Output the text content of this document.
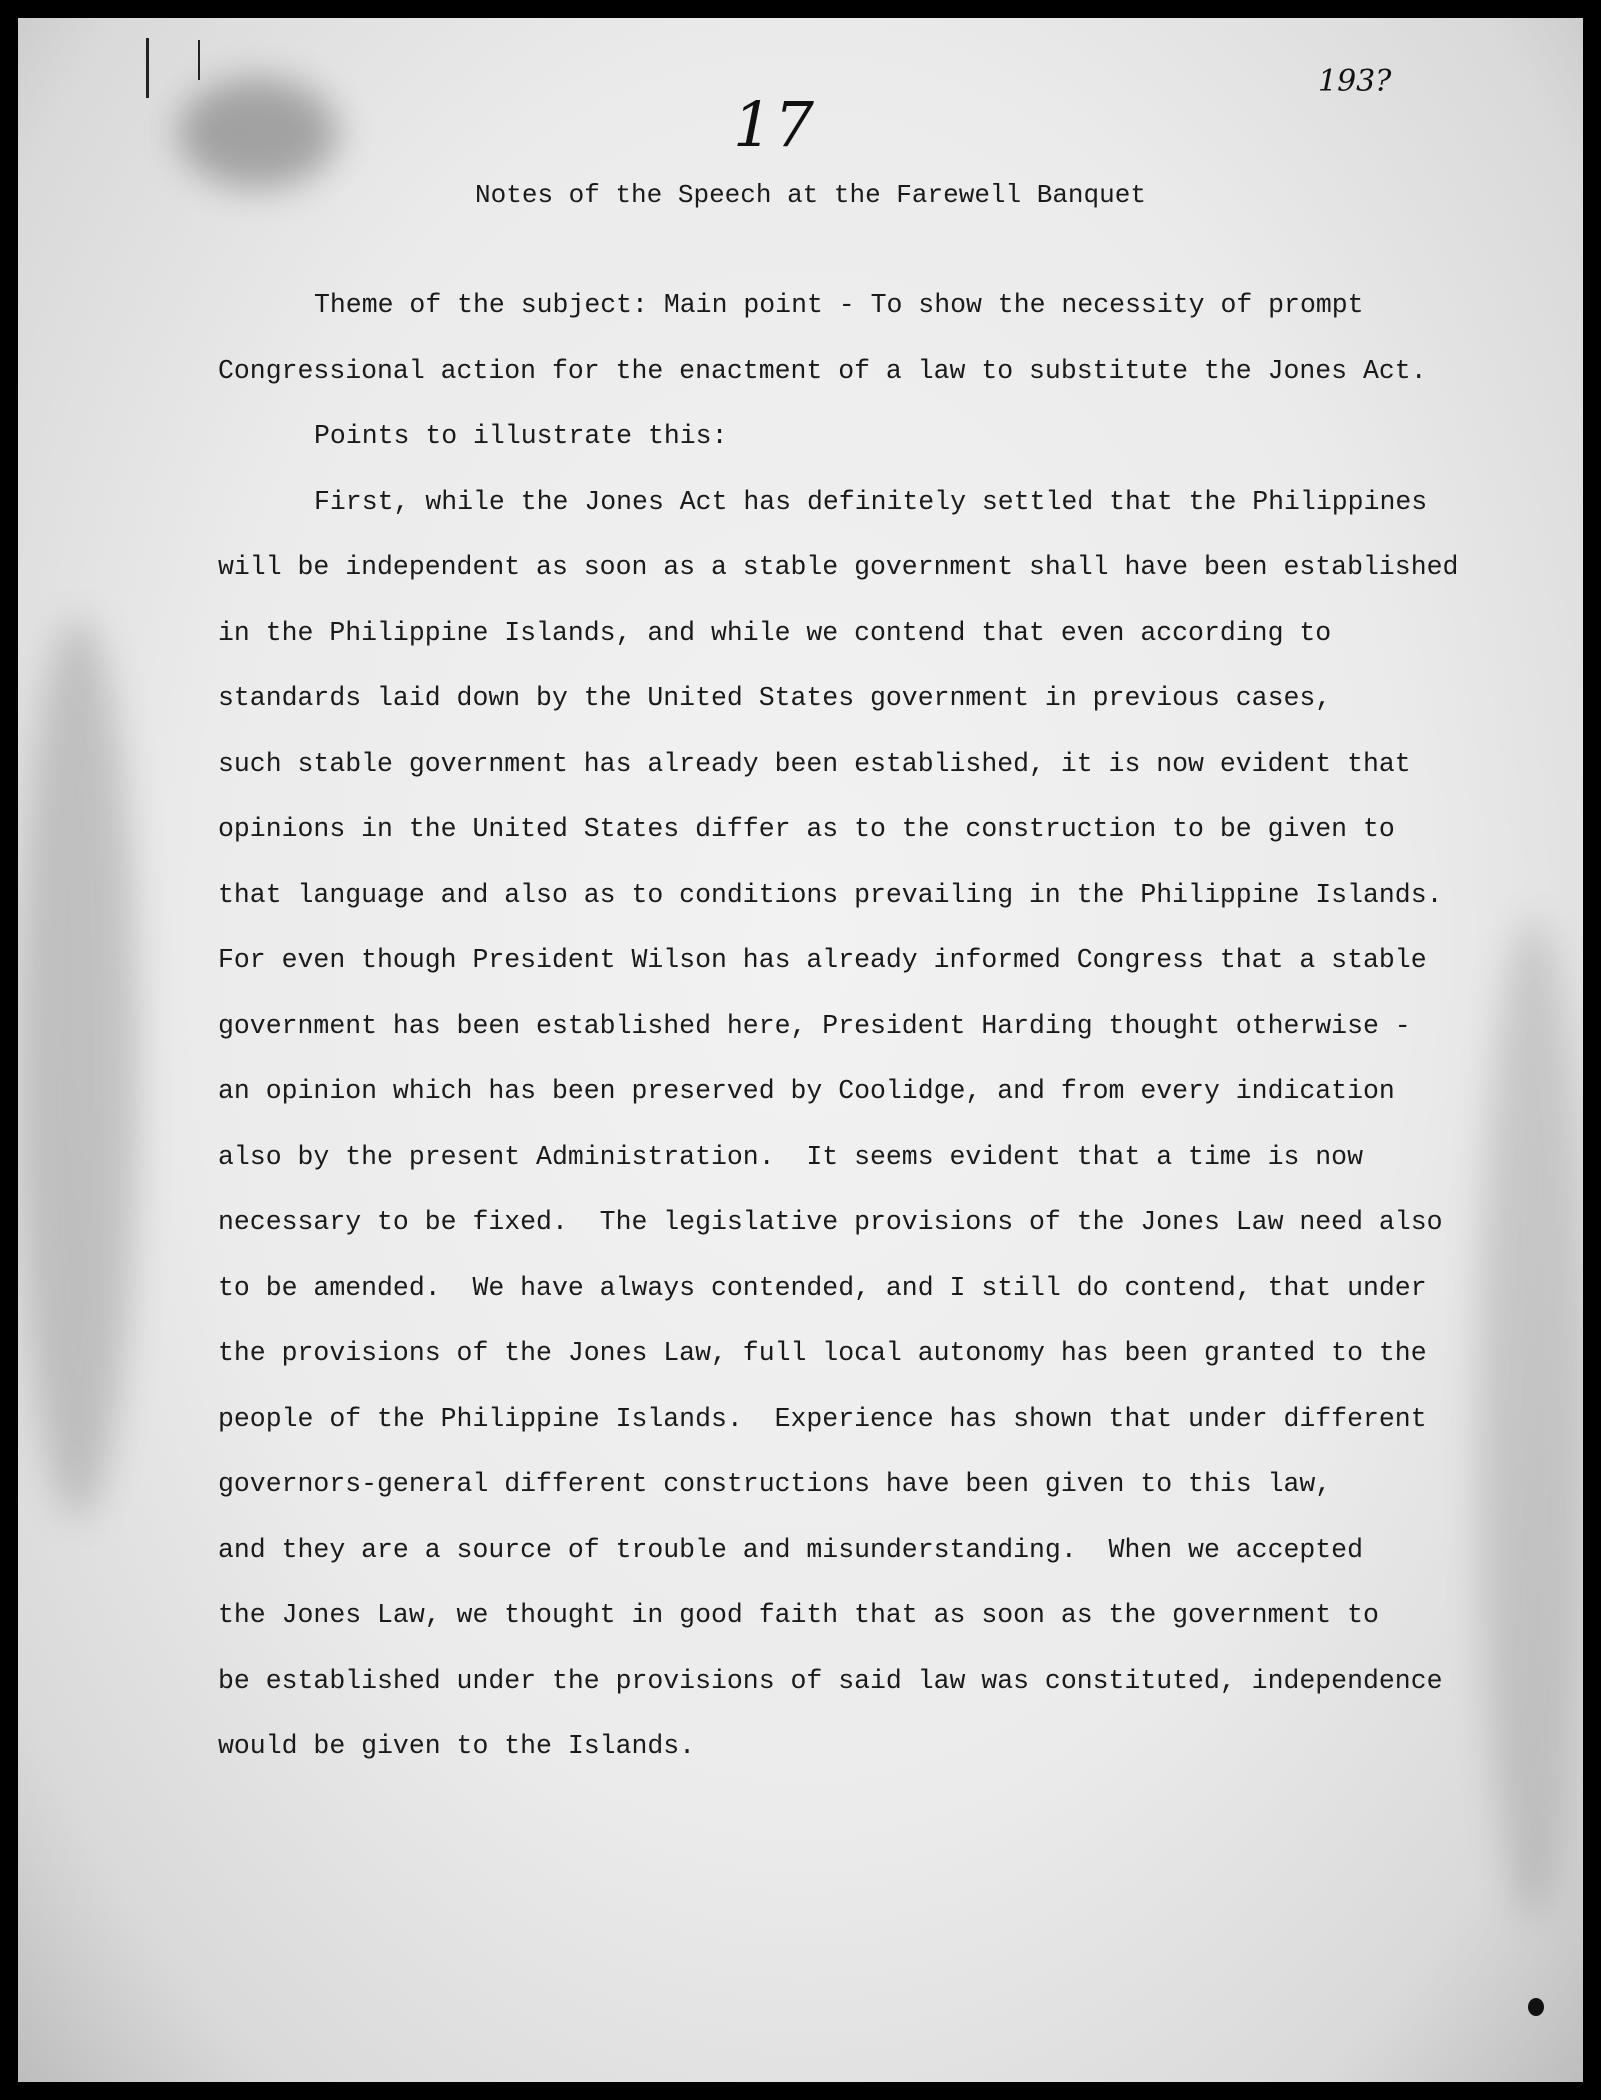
17
193?
Notes of the Speech at the Farewell Banquet
Theme of the subject: Main point - To show the necessity of prompt
Congressional action for the enactment of a law to substitute the Jones Act.
Points to illustrate this:
First, while the Jones Act has definitely settled that the Philippines
will be independent as soon as a stable government shall have been established
in the Philippine Islands, and while we contend that even according to
standards laid down by the United States government in previous cases,
such stable government has already been established, it is now evident that
opinions in the United States differ as to the construction to be given to
that language and also as to conditions prevailing in the Philippine Islands.
For even though President Wilson has already informed Congress that a stable
government has been established here, President Harding thought otherwise -
an opinion which has been preserved by Coolidge, and from every indication
also by the present Administration.  It seems evident that a time is now
necessary to be fixed.  The legislative provisions of the Jones Law need also
to be amended.  We have always contended, and I still do contend, that under
the provisions of the Jones Law, full local autonomy has been granted to the
people of the Philippine Islands.  Experience has shown that under different
governors-general different constructions have been given to this law,
and they are a source of trouble and misunderstanding.  When we accepted
the Jones Law, we thought in good faith that as soon as the government to
be established under the provisions of said law was constituted, independence
would be given to the Islands.
